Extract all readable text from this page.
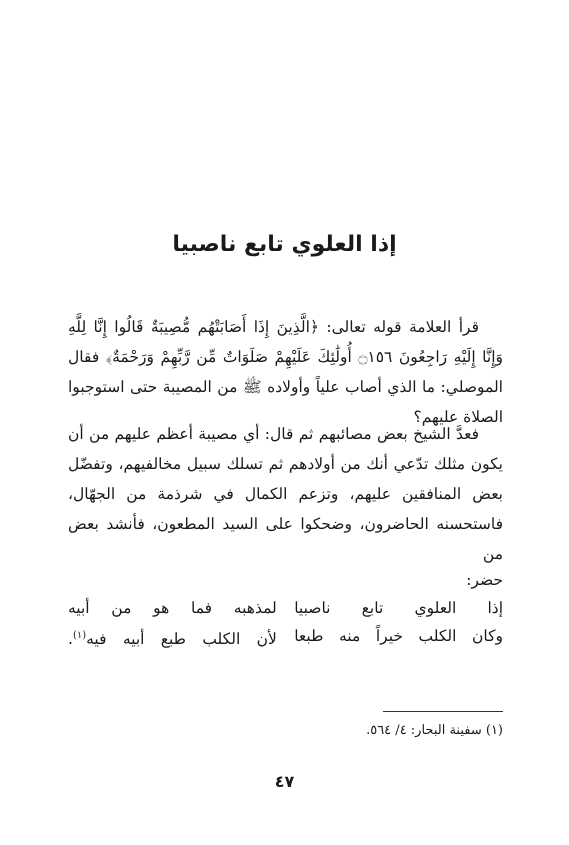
إذا العلوي تابع ناصبيا
قرأ العلامة قوله تعالى: ﴿الَّذِينَ إِذَا أَصَابَتْهُم مُّصِيبَةٌ قَالُوا إِنَّا لِلَّهِ وَإِنَّا إِلَيْهِ رَاجِعُونَ ۝١٥٦ أُولَٰئِكَ عَلَيْهِمْ صَلَوَاتٌ مِّن رَّبِّهِمْ وَرَحْمَةٌ﴾ فقال الموصلي: ما الذي أصاب علياً وأولاده ﷺ من المصيبة حتى استوجبوا الصلاة عليهم؟
فعدَّ الشيخ بعض مصائبهم ثم قال: أي مصيبة أعظم عليهم من أن يكون مثلك تدّعي أنك من أولادهم ثم تسلك سبيل مخالفيهم، وتفضّل بعض المنافقين عليهم، وتزعم الكمال في شرذمة من الجهّال، فاستحسنه الحاضرون، وضحكوا على السيد المطعون، فأنشد بعض من
حضر:
إذا العلوي تابع ناصبيا
لمذهبه فما هو من أبيه
وكان الكلب خيراً منه طبعا
لأن الكلب طبع أبيه فيه$^{(١)}$.
(١) سفينة البحار: ٤/ ٥٦٤.
٤٧
